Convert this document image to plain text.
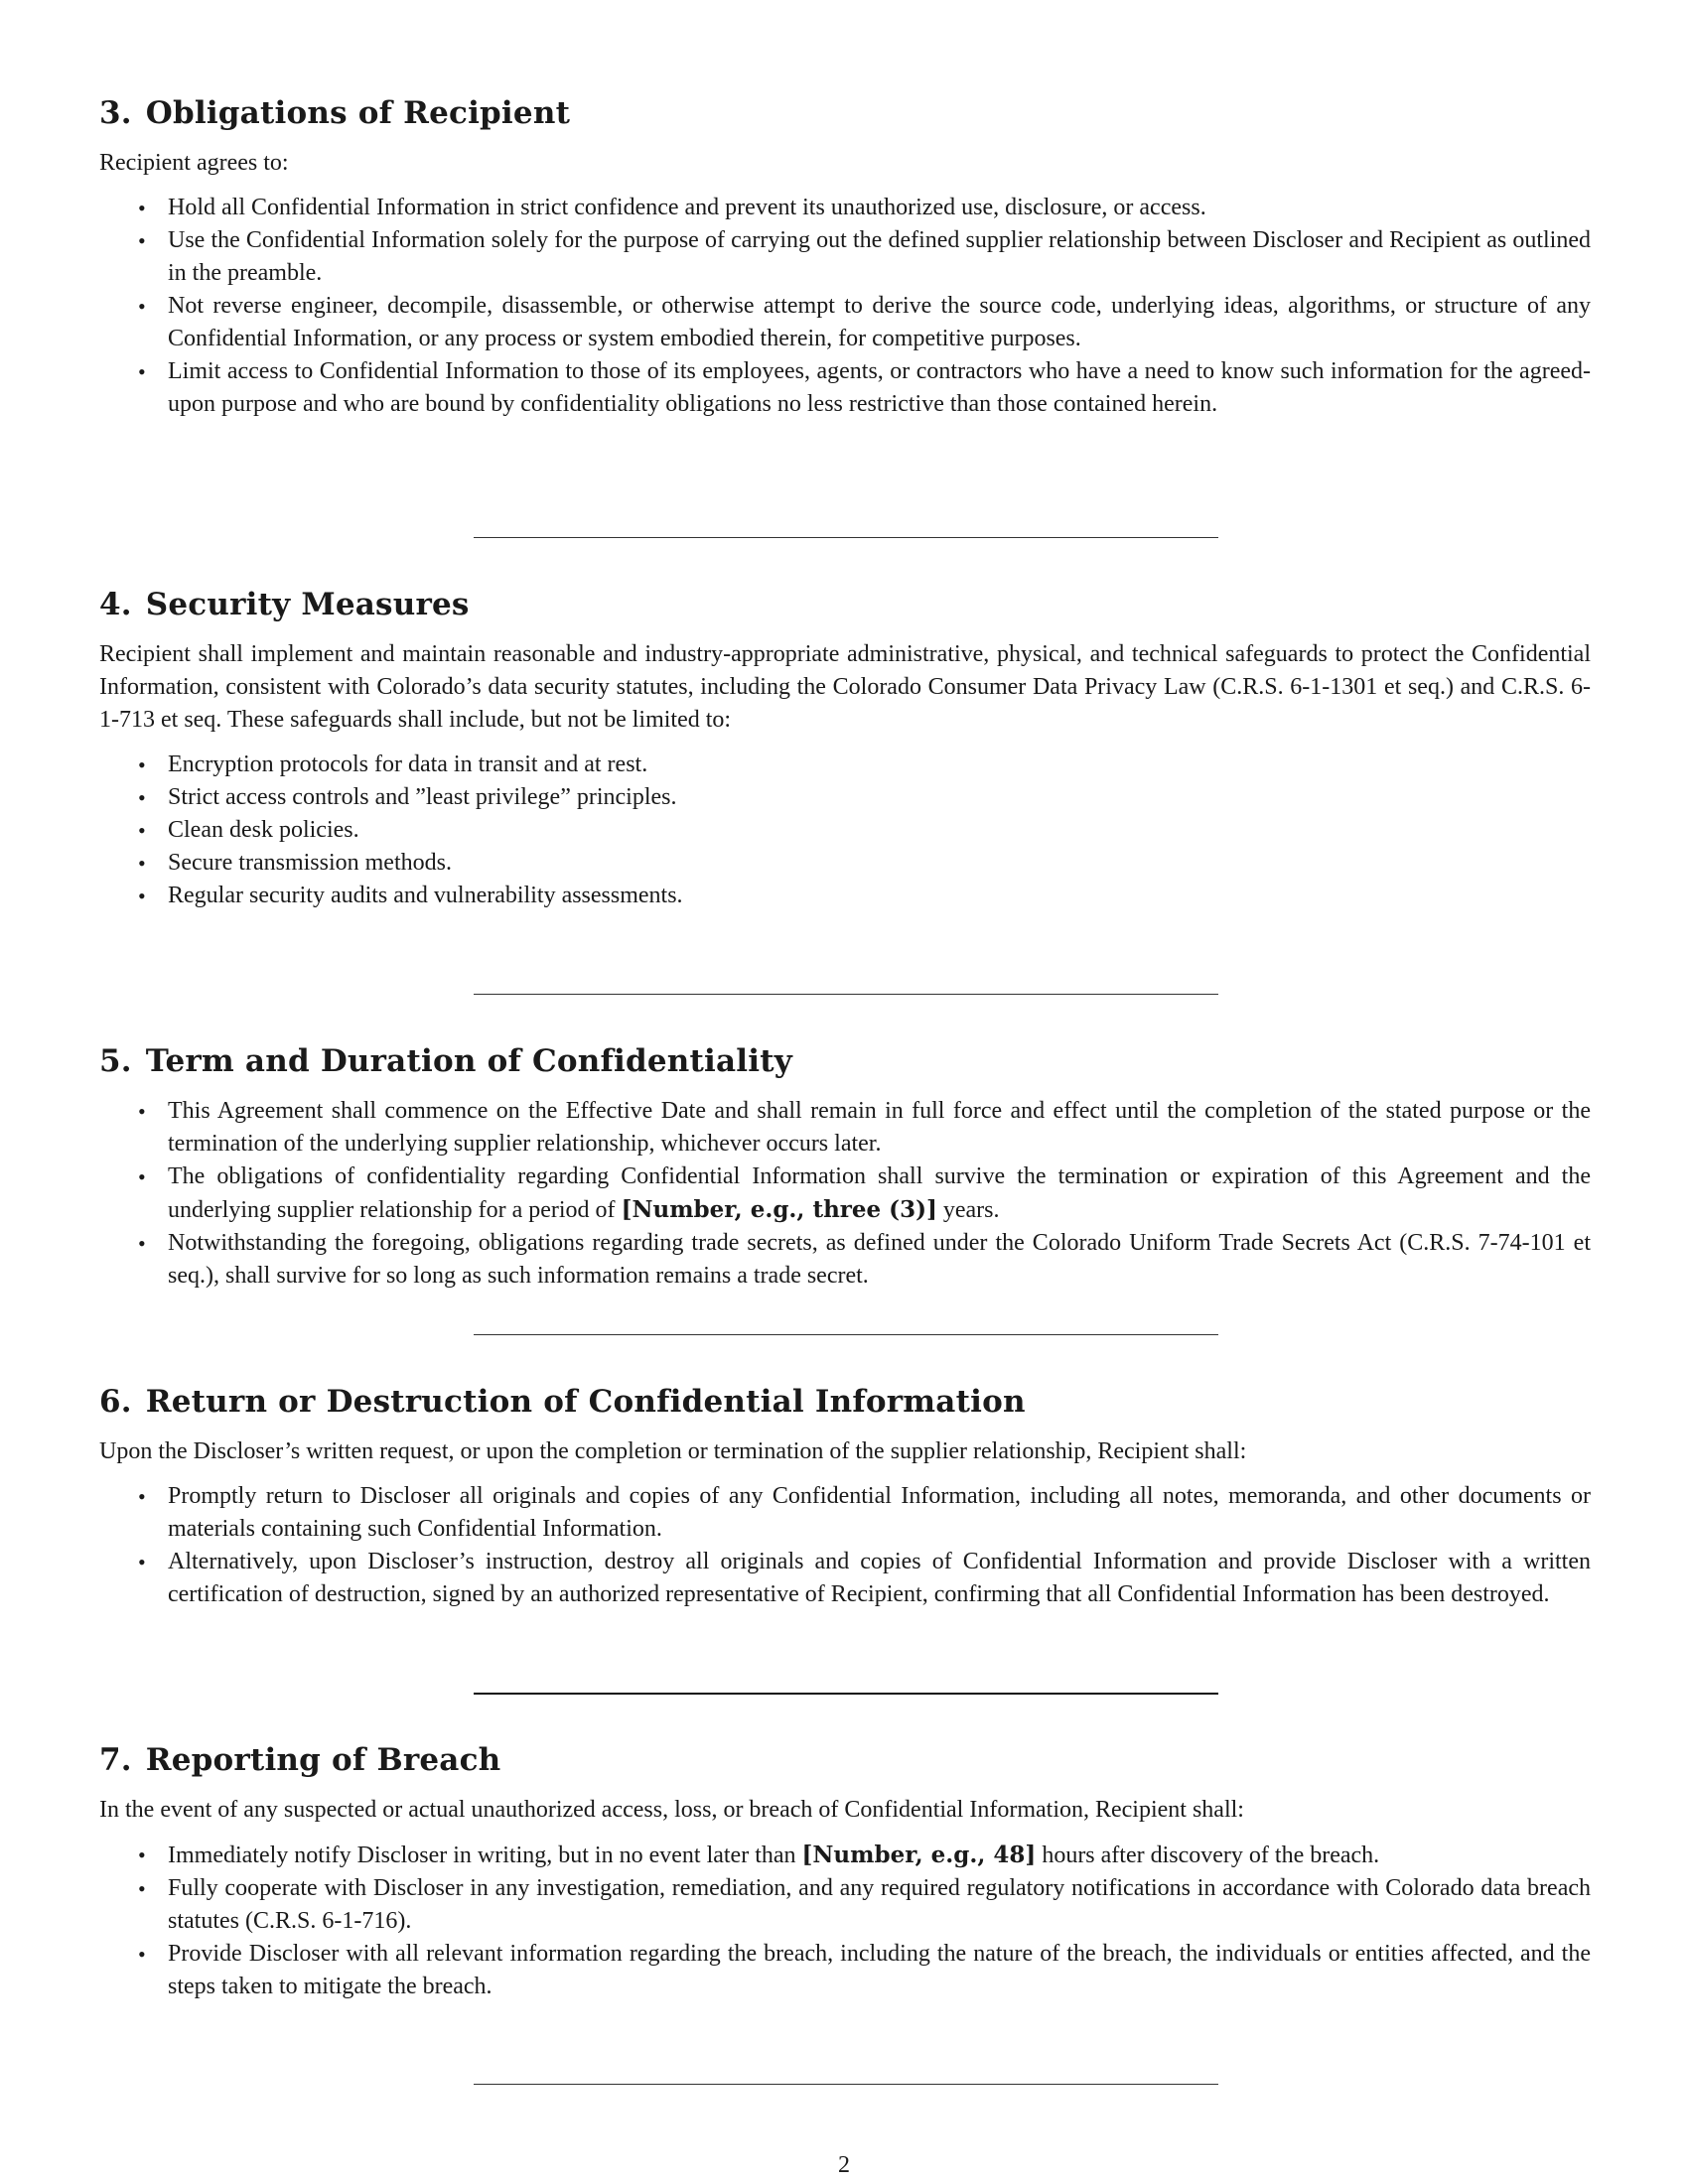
3. Obligations of Recipient

Recipient agrees to:

• Hold all Confidential Information in strict confidence and prevent its unauthorized use, disclosure, or access.
• Use the Confidential Information solely for the purpose of carrying out the defined supplier relationship between Discloser and Recipient as outlined in the preamble.
• Not reverse engineer, decompile, disassemble, or otherwise attempt to derive the source code, underlying ideas, algorithms, or structure of any Confidential Information, or any process or system embodied therein, for competitive purposes.
• Limit access to Confidential Information to those of its employees, agents, or contractors who have a need to know such information for the agreed-upon purpose and who are bound by confidentiality obligations no less restrictive than those contained herein.
4. Security Measures

Recipient shall implement and maintain reasonable and industry-appropriate administrative, physical, and technical safeguards to protect the Confidential Information, consistent with Colorado’s data security statutes, including the Colorado Consumer Data Privacy Law (C.R.S. 6-1-1301 et seq.) and C.R.S. 6-1-713 et seq. These safeguards shall include, but not be limited to:

• Encryption protocols for data in transit and at rest.
• Strict access controls and ”least privilege” principles.
• Clean desk policies.
• Secure transmission methods.
• Regular security audits and vulnerability assessments.
5. Term and Duration of Confidentiality
• This Agreement shall commence on the Effective Date and shall remain in full force and effect until the completion of the stated purpose or the termination of the underlying supplier relationship, whichever occurs later.
• The obligations of confidentiality regarding Confidential Information shall survive the termination or expiration of this Agreement and the underlying supplier relationship for a period of [Number, e.g., three (3)] years.
• Notwithstanding the foregoing, obligations regarding trade secrets, as defined under the Colorado Uniform Trade Secrets Act (C.R.S. 7-74-101 et seq.), shall survive for so long as such information remains a trade secret.
6. Return or Destruction of Confidential Information

Upon the Discloser’s written request, or upon the completion or termination of the supplier relationship, Recipient shall:

• Promptly return to Discloser all originals and copies of any Confidential Information, including all notes, memoranda, and other documents or materials containing such Confidential Information.
• Alternatively, upon Discloser’s instruction, destroy all originals and copies of Confidential Information and provide Discloser with a written certification of destruction, signed by an authorized representative of Recipient, confirming that all Confidential Information has been destroyed.
7. Reporting of Breach

In the event of any suspected or actual unauthorized access, loss, or breach of Confidential Information, Recipient shall:

• Immediately notify Discloser in writing, but in no event later than [Number, e.g., 48] hours after discovery of the breach.
• Fully cooperate with Discloser in any investigation, remediation, and any required regulatory notifications in accordance with Colorado data breach statutes (C.R.S. 6-1-716).
• Provide Discloser with all relevant information regarding the breach, including the nature of the breach, the individuals or entities affected, and the steps taken to mitigate the breach.
2
